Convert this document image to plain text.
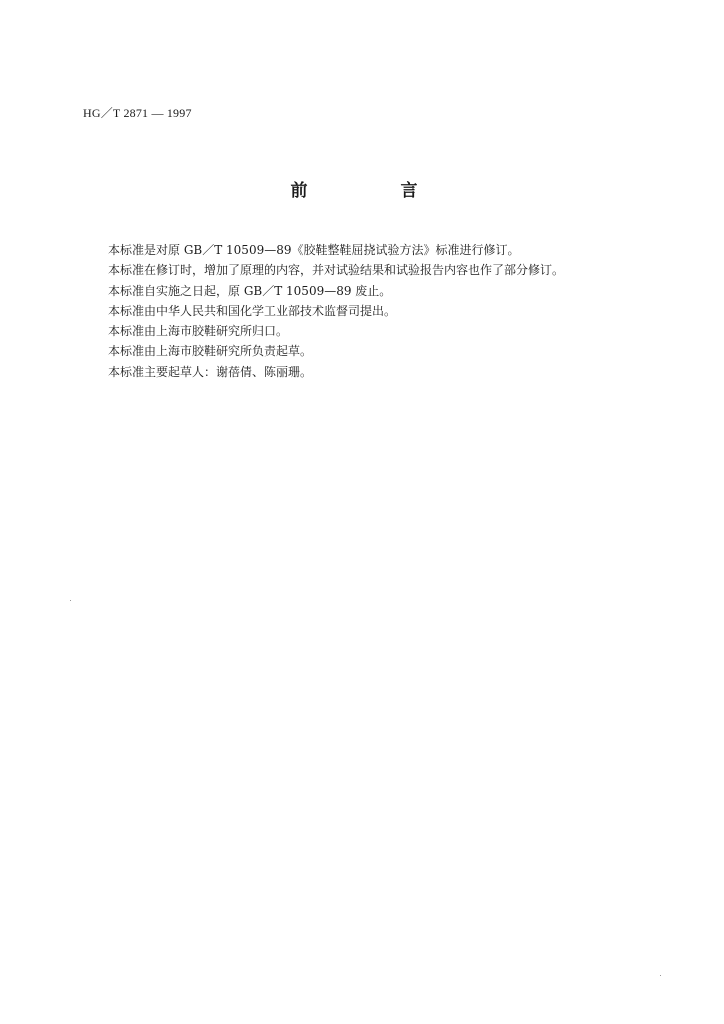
HG／T 2871 — 1997
前　言
本标准是对原 GB／T 10509—89《胶鞋整鞋屈挠试验方法》标准进行修订。
本标准在修订时，增加了原理的内容，并对试验结果和试验报告内容也作了部分修订。
本标准自实施之日起，原 GB／T 10509—89 废止。
本标准由中华人民共和国化学工业部技术监督司提出。
本标准由上海市胶鞋研究所归口。
本标准由上海市胶鞋研究所负责起草。
本标准主要起草人：谢蓓倩、陈丽珊。
